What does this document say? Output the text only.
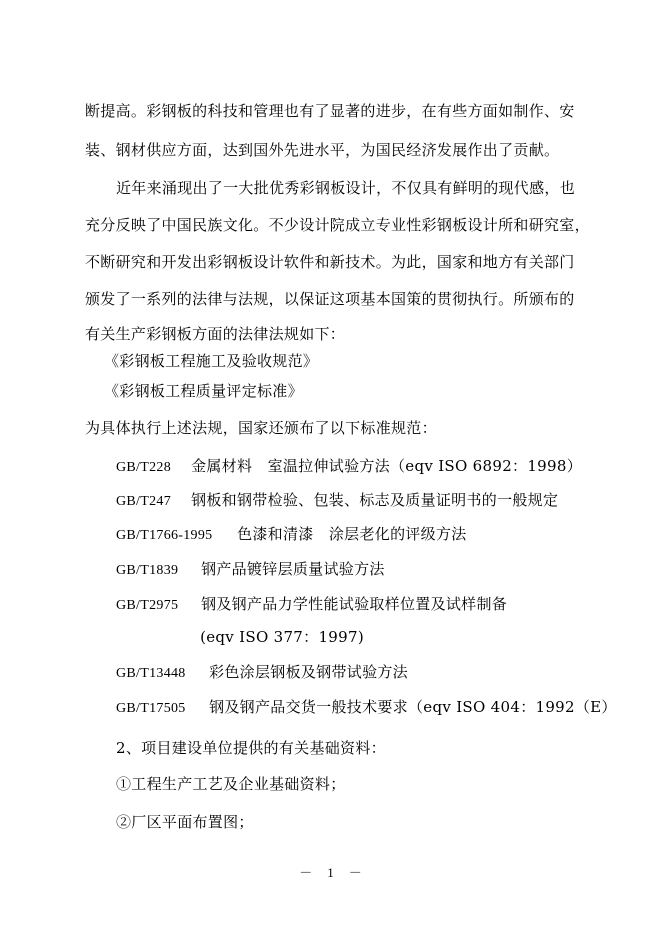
断提高。彩钢板的科技和管理也有了显著的进步，在有些方面如制作、安
装、钢材供应方面，达到国外先进水平，为国民经济发展作出了贡献。
近年来涌现出了一大批优秀彩钢板设计，不仅具有鲜明的现代感，也
充分反映了中国民族文化。不少设计院成立专业性彩钢板设计所和研究室，
不断研究和开发出彩钢板设计软件和新技术。为此，国家和地方有关部门
颁发了一系列的法律与法规，以保证这项基本国策的贯彻执行。所颁布的
有关生产彩钢板方面的法律法规如下：
《彩钢板工程施工及验收规范》
《彩钢板工程质量评定标准》
为具体执行上述法规，国家还颁布了以下标准规范：
GB/T228 金属材料　室温拉伸试验方法（eqv ISO 6892：1998）
GB/T247 钢板和钢带检验、包装、标志及质量证明书的一般规定
GB/T1766-1995 色漆和清漆　涂层老化的评级方法
GB/T1839 钢产品镀锌层质量试验方法
GB/T2975 钢及钢产品力学性能试验取样位置及试样制备
(eqv ISO 377：1997)
GB/T13448 彩色涂层钢板及钢带试验方法
GB/T17505 钢及钢产品交货一般技术要求（eqv ISO 404：1992（E）
2、项目建设单位提供的有关基础资料：
①工程生产工艺及企业基础资料；
②厂区平面布置图；
－　1　－
